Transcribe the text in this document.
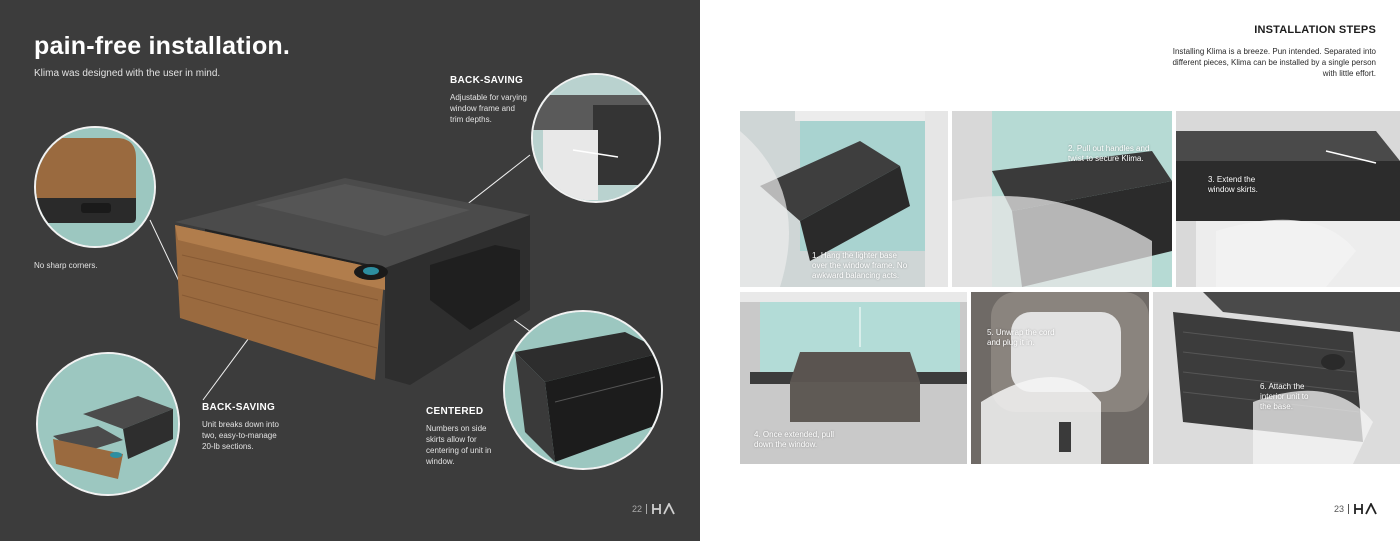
pain-free installation.
Klima was designed with the user in mind.
No sharp corners.
BACK-SAVING
Adjustable for varying
window frame and
trim depths.
BACK-SAVING
Unit breaks down into
two, easy-to-manage
20-lb sections.
CENTERED
Numbers on side
skirts allow for
centering of unit in
window.
22
INSTALLATION STEPS
Installing Klima is a breeze. Pun intended. Separated into
different pieces, Klima can be installed by a single person
with little effort.
1. Hang the lighter base
over the window frame. No
awkward balancing acts.
2. Pull out handles and
twist to secure Klima.
3. Extend the
window skirts.
4. Once extended, pull
down the window.
5. Unwrap the cord
and plug it in.
6. Attach the
interior unit to
the base.
23
